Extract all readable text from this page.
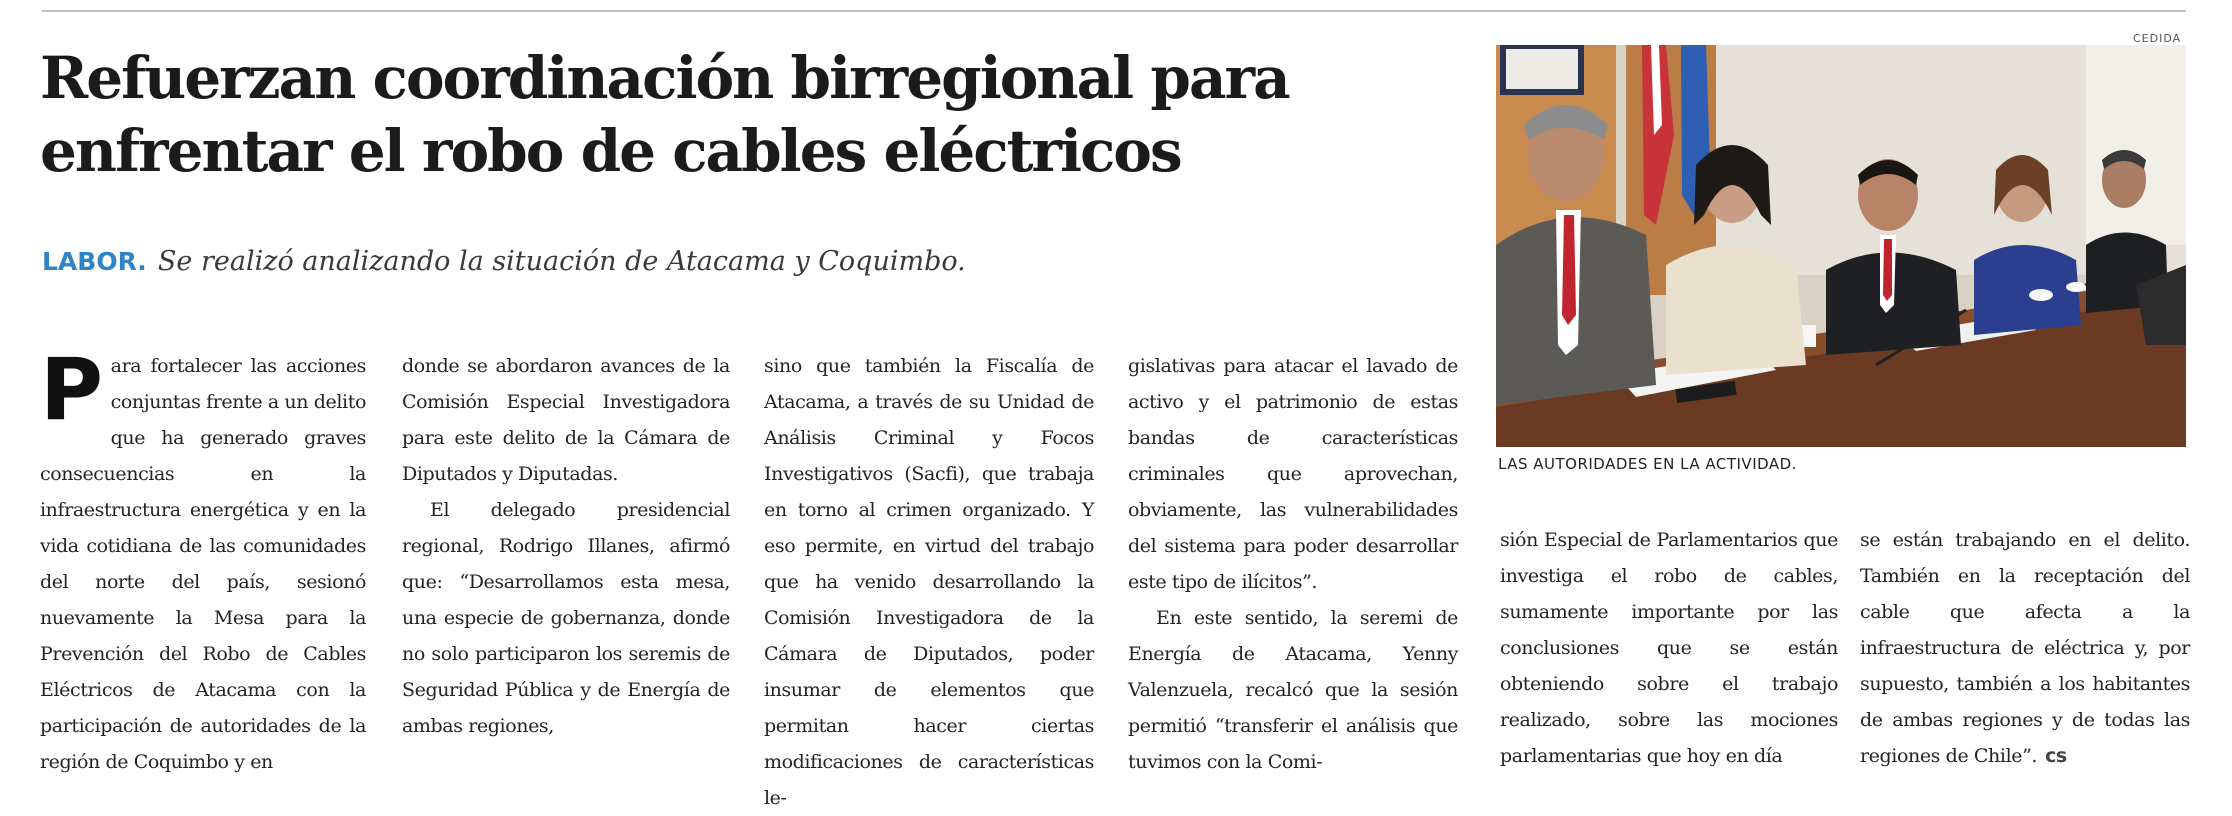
Refuerzan coordinación birregional para enfrentar el robo de cables eléctricos
LABOR. Se realizó analizando la situación de Atacama y Coquimbo.

Para fortalecer las acciones conjuntas frente a un delito que ha generado graves consecuencias en la infraestructura energética y en la vida cotidiana de las comunidades del norte del país, sesionó nuevamente la Mesa para la Prevención del Robo de Cables Eléctricos de Atacama con la participación de autoridades de la región de Coquimbo y en

donde se abordaron avances de la Comisión Especial Investigadora para este delito de la Cámara de Diputados y Diputadas.

El delegado presidencial regional, Rodrigo Illanes, afirmó que: “Desarrollamos esta mesa, una especie de gobernanza, donde no solo participaron los seremis de Seguridad Pública y de Energía de ambas regiones,

sino que también la Fiscalía de Atacama, a través de su Unidad de Análisis Criminal y Focos Investigativos (Sacfi), que trabaja en torno al crimen organizado. Y eso permite, en virtud del trabajo que ha venido desarrollando la Comisión Investigadora de la Cámara de Diputados, poder insumar de elementos que permitan hacer ciertas modificaciones de características le-

gislativas para atacar el lavado de activo y el patrimonio de estas bandas de características criminales que aprovechan, obviamente, las vulnerabilidades del sistema para poder desarrollar este tipo de ilícitos”.

En este sentido, la seremi de Energía de Atacama, Yenny Valenzuela, recalcó que la sesión permitió “transferir el análisis que tuvimos con la Comi-

sión Especial de Parlamentarios que investiga el robo de cables, sumamente importante por las conclusiones que se están obteniendo sobre el trabajo realizado, sobre las mociones parlamentarias que hoy en día

se están trabajando en el delito. También en la receptación del cable que afecta a la infraestructura de eléctrica y, por supuesto, también a los habitantes de ambas regiones y de todas las regiones de Chile”. cs

CEDIDA
LAS AUTORIDADES EN LA ACTIVIDAD.
